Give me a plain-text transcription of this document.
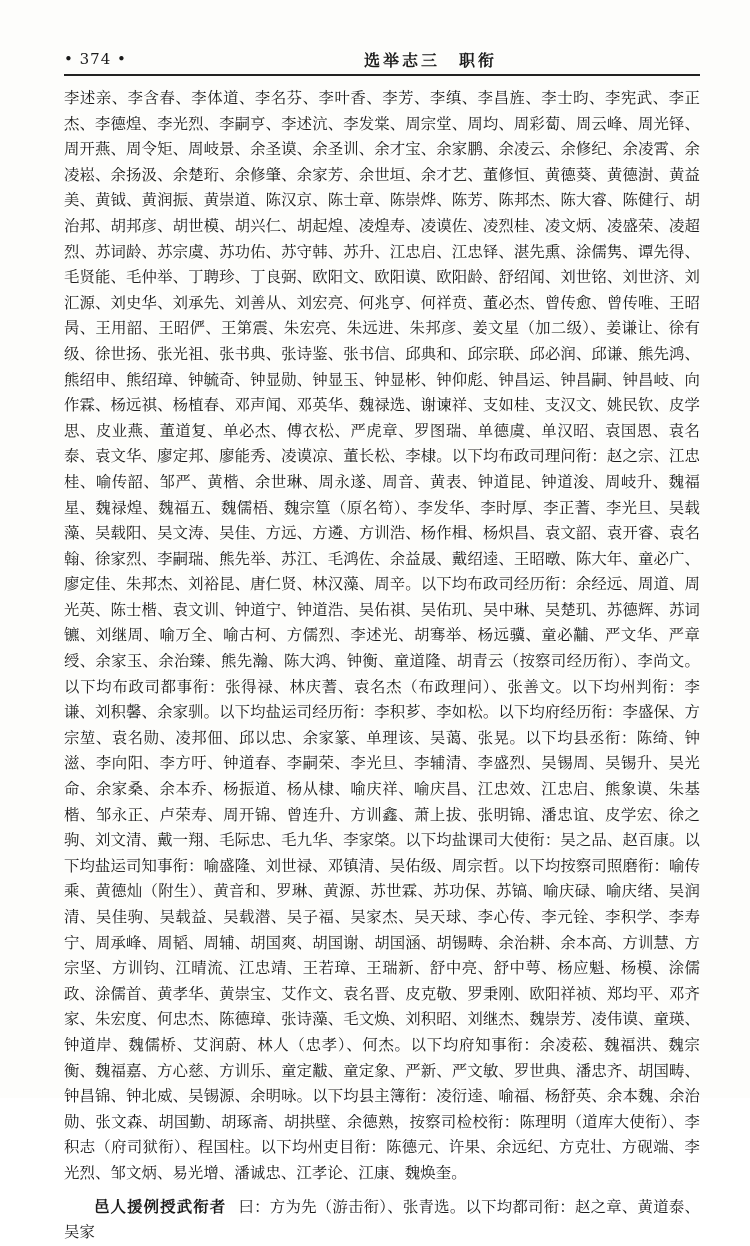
• 374 •	选举志三　职衔

李述亲、李含春、李体道、李名芬、李叶香、李芳、李缜、李昌旌、李士昀、李宪武、李正杰、李德煌、李光烈、李嗣亨、李述沆、李发棠、周宗堂、周均、周彩蔔、周云峰、周光铎、周开燕、周令矩、周岐景、余圣谟、余圣训、余才宝、余家鹏、余凌云、余修纪、余凌霄、余凌崧、余扬汲、余楚珩、余修肇、余家芳、余世垣、余才艺、董修恒、黄德葵、黄德澍、黄益美、黄钺、黄润振、黄崇道、陈汉京、陈士章、陈崇烨、陈芳、陈邦杰、陈大睿、陈健行、胡治邦、胡邦彦、胡世模、胡兴仁、胡起煌、凌煌寿、凌谟佐、凌烈桂、凌文炳、凌盛荣、凌超烈、苏词龄、苏宗虞、苏功佑、苏守韩、苏升、江忠启、江忠铎、湛先熏、涂儒隽、谭先得、毛贤能、毛仲举、丁聘珍、丁良弼、欧阳文、欧阳谟、欧阳龄、舒绍闻、刘世铭、刘世济、刘汇源、刘史华、刘承先、刘善从、刘宏亮、何兆亨、何祥贲、董必杰、曾传愈、曾传唯、王昭昺、王用韶、王昭俨、王第震、朱宏亮、朱远进、朱邦彦、姜文星（加二级）、姜谦让、徐有级、徐世扬、张光祖、张书典、张诗鉴、张书信、邱典和、邱宗联、邱必润、邱谦、熊先鸿、熊绍申、熊绍璋、钟毓奇、钟显勋、钟显玉、钟显彬、钟仰彪、钟昌运、钟昌嗣、钟昌岐、向作霖、杨远祺、杨植春、邓声闻、邓英华、魏禄选、谢谏祥、支如桂、支汉文、姚民钦、皮学思、皮业燕、董道复、单必杰、傅衣松、严虎章、罗图瑞、单德虞、单汉昭、袁国恩、袁名泰、袁文华、廖定邦、廖能秀、凌谟凉、董长松、李棣。以下均布政司理问衔：赵之宗、江忠桂、喻传韶、邹严、黄楷、余世琳、周永遂、周音、黄表、钟道昆、钟道浚、周岐升、魏福星、魏禄煌、魏福五、魏儒梧、魏宗篁（原名笱）、李发华、李时厚、李正蓍、李光旦、吴载藻、吴载阳、吴文涛、吴佳、方远、方遴、方训浩、杨作楫、杨炽昌、袁文韶、袁开睿、袁名翰、徐家烈、李嗣瑞、熊先举、苏江、毛鸿佐、余益晟、戴绍逵、王昭暾、陈大年、童必广、廖定佳、朱邦杰、刘裕昆、唐仁贤、林汉藻、周辛。以下均布政司经历衔：余经远、周道、周光英、陈士楷、袁文训、钟道宁、钟道浩、吴佑祺、吴佑玑、吴中琳、吴楚玑、苏德辉、苏词镳、刘继周、喻万全、喻古柯、方儒烈、李述光、胡骞举、杨远骥、童必黼、严文华、严章绶、余家玉、余治臻、熊先瀚、陈大鸿、钟衡、童道隆、胡青云（按察司经历衔）、李尚文。以下均布政司都事衔：张得禄、林庆蓍、袁名杰（布政理问）、张善文。以下均州判衔：李谦、刘积馨、余家驯。以下均盐运司经历衔：李积芗、李如松。以下均府经历衔：李盛保、方宗堃、袁名勋、凌邦佃、邱以忠、余家篆、单理该、吴蔼、张晃。以下均县丞衔：陈绮、钟滋、李向阳、李方吁、钟道春、李嗣荣、李光旦、李辅清、李盛烈、吴锡周、吴锡升、吴光命、余家桑、余本乔、杨振道、杨从棣、喻庆祥、喻庆昌、江忠效、江忠启、熊象谟、朱基楷、邹永正、卢荣寿、周开锦、曾连升、方训鑫、萧上拔、张明锦、潘忠谊、皮学宏、徐之驹、刘文清、戴一翔、毛际忠、毛九华、李家棨。以下均盐课司大使衔：吴之品、赵百康。以下均盐运司知事衔：喻盛隆、刘世禄、邓镇清、吴佑级、周宗哲。以下均按察司照磨衔：喻传乘、黄德灿（附生）、黄音和、罗琳、黄源、苏世霖、苏功保、苏镐、喻庆碌、喻庆绪、吴润清、吴佳驹、吴载益、吴载潜、吴子福、吴家杰、吴天球、李心传、李元铨、李积学、李寿宁、周承峰、周韬、周辅、胡国爽、胡国谢、胡国涵、胡锡畴、余治耕、余本高、方训慧、方宗坚、方训钧、江晴流、江忠靖、王若璋、王瑞新、舒中亮、舒中萼、杨应魁、杨模、涂儒政、涂儒首、黄孝华、黄崇宝、艾作文、袁名晋、皮克敬、罗秉刚、欧阳祥祯、郑均平、邓齐家、朱宏度、何忠杰、陈德璋、张诗藻、毛文焕、刘积昭、刘继杰、魏崇芳、凌伟谟、童瑛、钟道岸、魏儒桥、艾润蔚、林人（忠孝）、何杰。以下均府知事衔：余凌菘、魏福洪、魏宗衡、魏福嘉、方心慈、方训乐、童定黻、童定象、严新、严文敏、罗世典、潘忠齐、胡国畴、钟昌锦、钟北威、吴锡源、余明咏。以下均县主簿衔：凌衍逵、喻福、杨舒英、余本魏、余治勋、张文森、胡国勤、胡琢斋、胡拱壁、余德熟，按察司检校衔：陈理明（道库大使衔）、李积志（府司狱衔）、程国柱。以下均州吏目衔：陈德元、许果、余远纪、方克壮、方砚端、李光烈、邹文炳、易光增、潘诚忠、江孝论、江康、魏焕奎。

邑人援例授武衔者 曰：方为先（游击衔）、张青选。以下均都司衔：赵之章、黄道泰、吴家
